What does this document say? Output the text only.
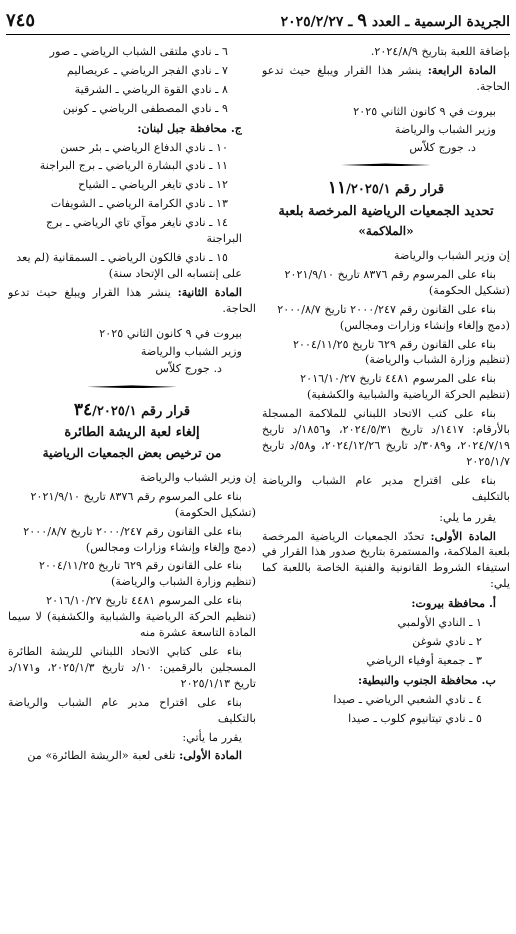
الجريدة الرسمية ـ العدد ٩ ـ ٢٠٢٥/٢/٢٧
٧٤٥

بإضافة اللعبة بتاريخ ٢٠٢٤/٨/٩.

المادة الرابعة: ينشر هذا القرار ويبلغ حيث تدعو الحاجة.

بيروت في ٩ كانون الثاني ٢٠٢٥

وزير الشباب والرياضة

د. جورج كلاّس

قرار رقم ١١/٢٠٢٥/١
تحديد الجمعيات الرياضية المرخصة بلعبة
«الملاكمة»

إن وزير الشباب والرياضة

بناء على المرسوم رقم ٨٣٧٦ تاريخ ٢٠٢١/٩/١٠
(تشكيل الحكومة)

بناء على القانون رقم ٢٠٠٠/٢٤٧ تاريخ ٢٠٠٠/٨/٧
(دمج وإلغاء وإنشاء وزارات ومجالس)

بناء على القانون رقم ٦٢٩ تاريخ ٢٠٠٤/١١/٢٥
(تنظيم وزارة الشباب والرياضة)

بناء على المرسوم ٤٤٨١ تاريخ ٢٠١٦/١٠/٢٧
(تنظيم الحركة الرياضية والشبابية والكشفية)

بناء على كتب الاتحاد اللبناني للملاكمة المسجلة بالأرقام: ١٤١٧/د تاريخ ٢٠٢٤/٥/٣١، و١٨٥٦/د تاريخ ٢٠٢٤/٧/١٩، و٣٠٨٩/د تاريخ ٢٠٢٤/١٢/٢٦، و٥٨/د تاريخ ٢٠٢٥/١/٧

بناء على اقتراح مدير عام الشباب والرياضة بالتكليف

يقرر ما يلي:

المادة الأولى: تحدّد الجمعيات الرياضية المرخصة بلعبة الملاكمة، والمستمرة بتاريخ صدور هذا القرار في استيفاء الشروط القانونية والفنية الخاصة باللعبة كما يلي:

أ. محافظة بيروت:

١ ـ النادي الأولمبي

٢ ـ نادي شوغن

٣ ـ جمعية أوفياء الرياضي

ب. محافظة الجنوب والنبطية:

٤ ـ نادي الشعبي الرياضي ـ صيدا

٥ ـ نادي تيتانيوم كلوب ـ صيدا

٦ ـ نادي ملتقى الشباب الرياضي ـ صور

٧ ـ نادي الفجر الرياضي ـ عريصاليم

٨ ـ نادي القوة الرياضي ـ الشرقية

٩ ـ نادي المصطفى الرياضي ـ كونين

ج. محافظة جبل لبنان:

١٠ ـ نادي الدفاع الرياضي ـ بئر حسن

١١ ـ نادي البشارة الرياضي ـ برج البراجنة

١٢ ـ نادي تايغر الرياضي ـ الشياح

١٣ ـ نادي الكرامة الرياضي ـ الشويفات

١٤ ـ نادي نايغر موآي تاي الرياضي ـ برج البراجنة

١٥ ـ نادي فالكون الرياضي ـ السمقانية (لم يعد على إنتسابه الى الإتحاد سنة)

المادة الثانية: ينشر هذا القرار ويبلغ حيث تدعو الحاجة.

بيروت في ٩ كانون الثاني ٢٠٢٥

وزير الشباب والرياضة

د. جورج كلاّس

قرار رقم ٣٤/٢٠٢٥/١
إلغاء لعبة الريشة الطائرة
من ترخيص بعض الجمعيات الرياضية

إن وزير الشباب والرياضة

بناء على المرسوم رقم ٨٣٧٦ تاريخ ٢٠٢١/٩/١٠
(تشكيل الحكومة)

بناء على القانون رقم ٢٠٠٠/٢٤٧ تاريخ ٢٠٠٠/٨/٧
(دمج وإلغاء وإنشاء وزارات ومجالس)

بناء على القانون رقم ٦٢٩ تاريخ ٢٠٠٤/١١/٢٥
(تنظيم وزارة الشباب والرياضة)

بناء على المرسوم ٤٤٨١ تاريخ ٢٠١٦/١٠/٢٧
(تنظيم الحركة الرياضية والشبابية والكشفية) لا سيما المادة التاسعة عشرة منه

بناء على كتابي الاتحاد اللبناني للريشة الطائرة المسجلين بالرقمين: ١٠/د تاريخ ٢٠٢٥/١/٣، و١٧١/د تاريخ ٢٠٢٥/١/١٣

بناء على اقتراح مدير عام الشباب والرياضة بالتكليف

يقرر ما يأتي:

المادة الأولى: تلغى لعبة «الريشة الطائرة» من
